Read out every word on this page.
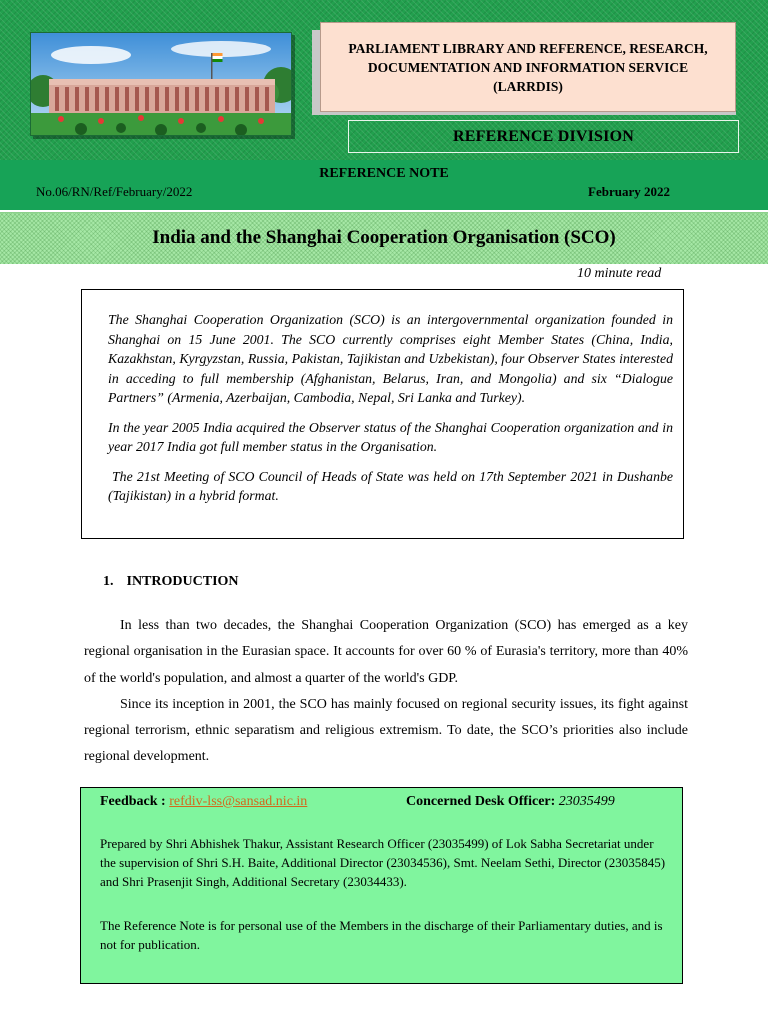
PARLIAMENT LIBRARY AND REFERENCE, RESEARCH, DOCUMENTATION AND INFORMATION SERVICE (LARRDIS)
REFERENCE DIVISION
REFERENCE NOTE
No.06/RN/Ref/February/2022	February 2022
India and the Shanghai Cooperation Organisation (SCO)
10 minute read

The Shanghai Cooperation Organization (SCO) is an intergovernmental organization founded in Shanghai on 15 June 2001. The SCO currently comprises eight Member States (China, India, Kazakhstan, Kyrgyzstan, Russia, Pakistan, Tajikistan and Uzbekistan), four Observer States interested in acceding to full membership (Afghanistan, Belarus, Iran, and Mongolia) and six “Dialogue Partners” (Armenia, Azerbaijan, Cambodia, Nepal, Sri Lanka and Turkey).

In the year 2005 India acquired the Observer status of the Shanghai Cooperation organization and in year 2017 India got full member status in the Organisation.

The 21st Meeting of SCO Council of Heads of State was held on 17th September 2021 in Dushanbe (Tajikistan) in a hybrid format.

1. INTRODUCTION

In less than two decades, the Shanghai Cooperation Organization (SCO) has emerged as a key regional organisation in the Eurasian space. It accounts for over 60 % of Eurasia's territory, more than 40% of the world's population, and almost a quarter of the world's GDP.

Since its inception in 2001, the SCO has mainly focused on regional security issues, its fight against regional terrorism, ethnic separatism and religious extremism. To date, the SCO’s priorities also include regional development.

Feedback : refdiv-lss@sansad.nic.in	Concerned Desk Officer: 23035499

Prepared by Shri Abhishek Thakur, Assistant Research Officer (23035499) of Lok Sabha Secretariat under the supervision of Shri S.H. Baite, Additional Director (23034536), Smt. Neelam Sethi, Director (23035845) and Shri Prasenjit Singh, Additional Secretary (23034433).

The Reference Note is for personal use of the Members in the discharge of their Parliamentary duties, and is not for publication.
